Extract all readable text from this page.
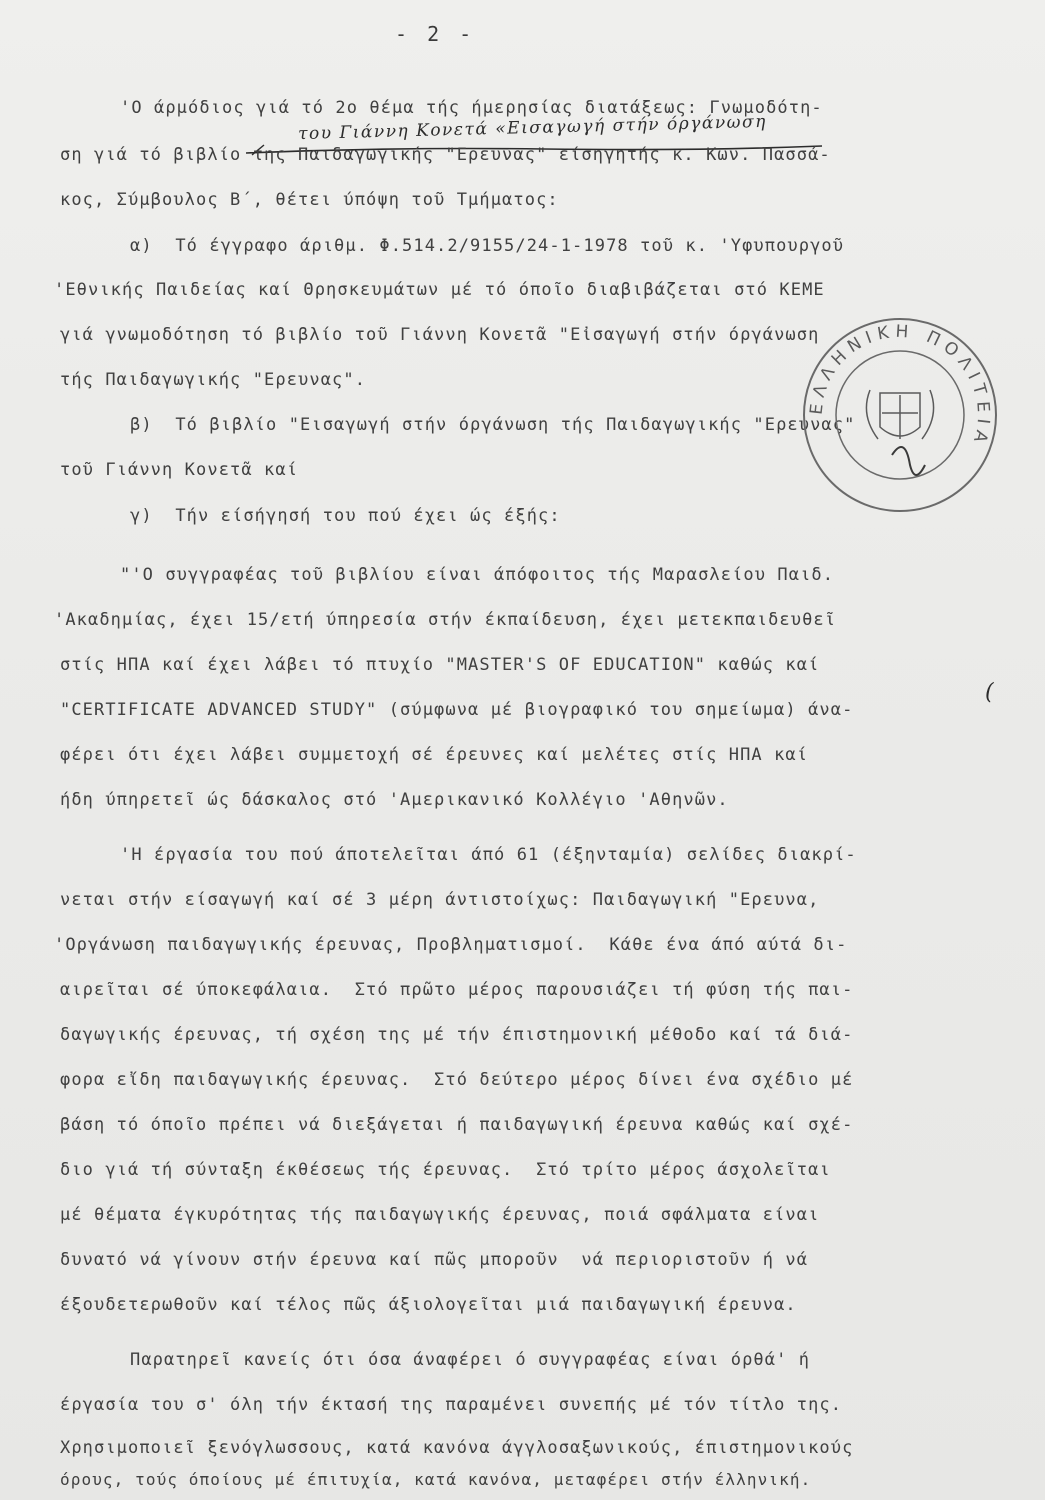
- 2 -
του Γιάννη Κονετά «Εισαγωγή στήν όργάνωση
'Ο άρμόδιος γιά τό 2ο θέμα τής ήμερησίας διατάξεως: Γνωμοδότη-
ση γιά τό βιβλίο της Παιδαγωγικής "Ερευνας" είσηγητής κ. Κων. Πασσά-
κος, Σύμβουλος Β΄, θέτει ύπόψη τοῦ Τμήματος:
α)  Τό έγγραφο άριθμ. Φ.514.2/9155/24-1-1978 τοῦ κ. 'Υφυπουργοῦ
'Εθνικής Παιδείας καί Θρησκευμάτων μέ τό όποῖο διαβιβάζεται στό ΚΕΜΕ
γιά γνωμοδότηση τό βιβλίο τοῦ Γιάννη Κονετᾶ "Εἰσαγωγή στήν όργάνωση
τής Παιδαγωγικής "Ερευνας".
β)  Τό βιβλίο "Εισαγωγή στήν όργάνωση τής Παιδαγωγικής "Ερευνας"
τοῦ Γιάννη Κονετᾶ καί
γ)  Τήν είσήγησή του πού έχει ώς έξής:
"'Ο συγγραφέας τοῦ βιβλίου είναι άπόφοιτος τής Μαρασλείου Παιδ.
'Ακαδημίας, έχει 15/ετή ύπηρεσία στήν έκπαίδευση, έχει μετεκπαιδευθεῖ
στίς ΗΠΑ καί έχει λάβει τό πτυχίο "MASTER'S OF EDUCATION" καθώς καί
"CERTIFICATE ADVANCED STUDY" (σύμφωνα μέ βιογραφικό του σημείωμα) άνα-
φέρει ότι έχει λάβει συμμετοχή σέ έρευνες καί μελέτες στίς ΗΠΑ καί
ήδη ύπηρετεῖ ώς δάσκαλος στό 'Αμερικανικό Κολλέγιο 'Αθηνῶν.
'Η έργασία του πού άποτελεῖται άπό 61 (έξηνταμία) σελίδες διακρί-
νεται στήν είσαγωγή καί σέ 3 μέρη άντιστοίχως: Παιδαγωγική "Ερευνα,
'Οργάνωση παιδαγωγικής έρευνας, Προβληματισμοί.  Κάθε ένα άπό αύτά δι-
αιρεῖται σέ ύποκεφάλαια.  Στό πρῶτο μέρος παρουσιάζει τή φύση τής παι-
δαγωγικής έρευνας, τή σχέση της μέ τήν έπιστημονική μέθοδο καί τά διά-
φορα εἴδη παιδαγωγικής έρευνας.  Στό δεύτερο μέρος δίνει ένα σχέδιο μέ
βάση τό όποῖο πρέπει νά διεξάγεται ή παιδαγωγική έρευνα καθώς καί σχέ-
διο γιά τή σύνταξη έκθέσεως τής έρευνας.  Στό τρίτο μέρος άσχολεῖται
μέ θέματα έγκυρότητας τής παιδαγωγικής έρευνας, ποιά σφάλματα είναι
δυνατό νά γίνουν στήν έρευνα καί πῶς μποροῦν  νά περιοριστοῦν ή νά
έξουδετερωθοῦν καί τέλος πῶς άξιολογεῖται μιά παιδαγωγική έρευνα.
Παρατηρεῖ κανείς ότι όσα άναφέρει ό συγγραφέας είναι όρθά' ή
έργασία του σ' όλη τήν έκτασή της παραμένει συνεπής μέ τόν τίτλο της.
Χρησιμοποιεῖ ξενόγλωσσους, κατά κανόνα άγγλοσαξωνικούς, έπιστημονικούς
όρους, τούς όποίους μέ έπιτυχία, κατά κανόνα, μεταφέρει στήν έλληνική.
(
ΕΛΛΗΝΙΚΗ ΠΟΛΙΤΕΙΑ
